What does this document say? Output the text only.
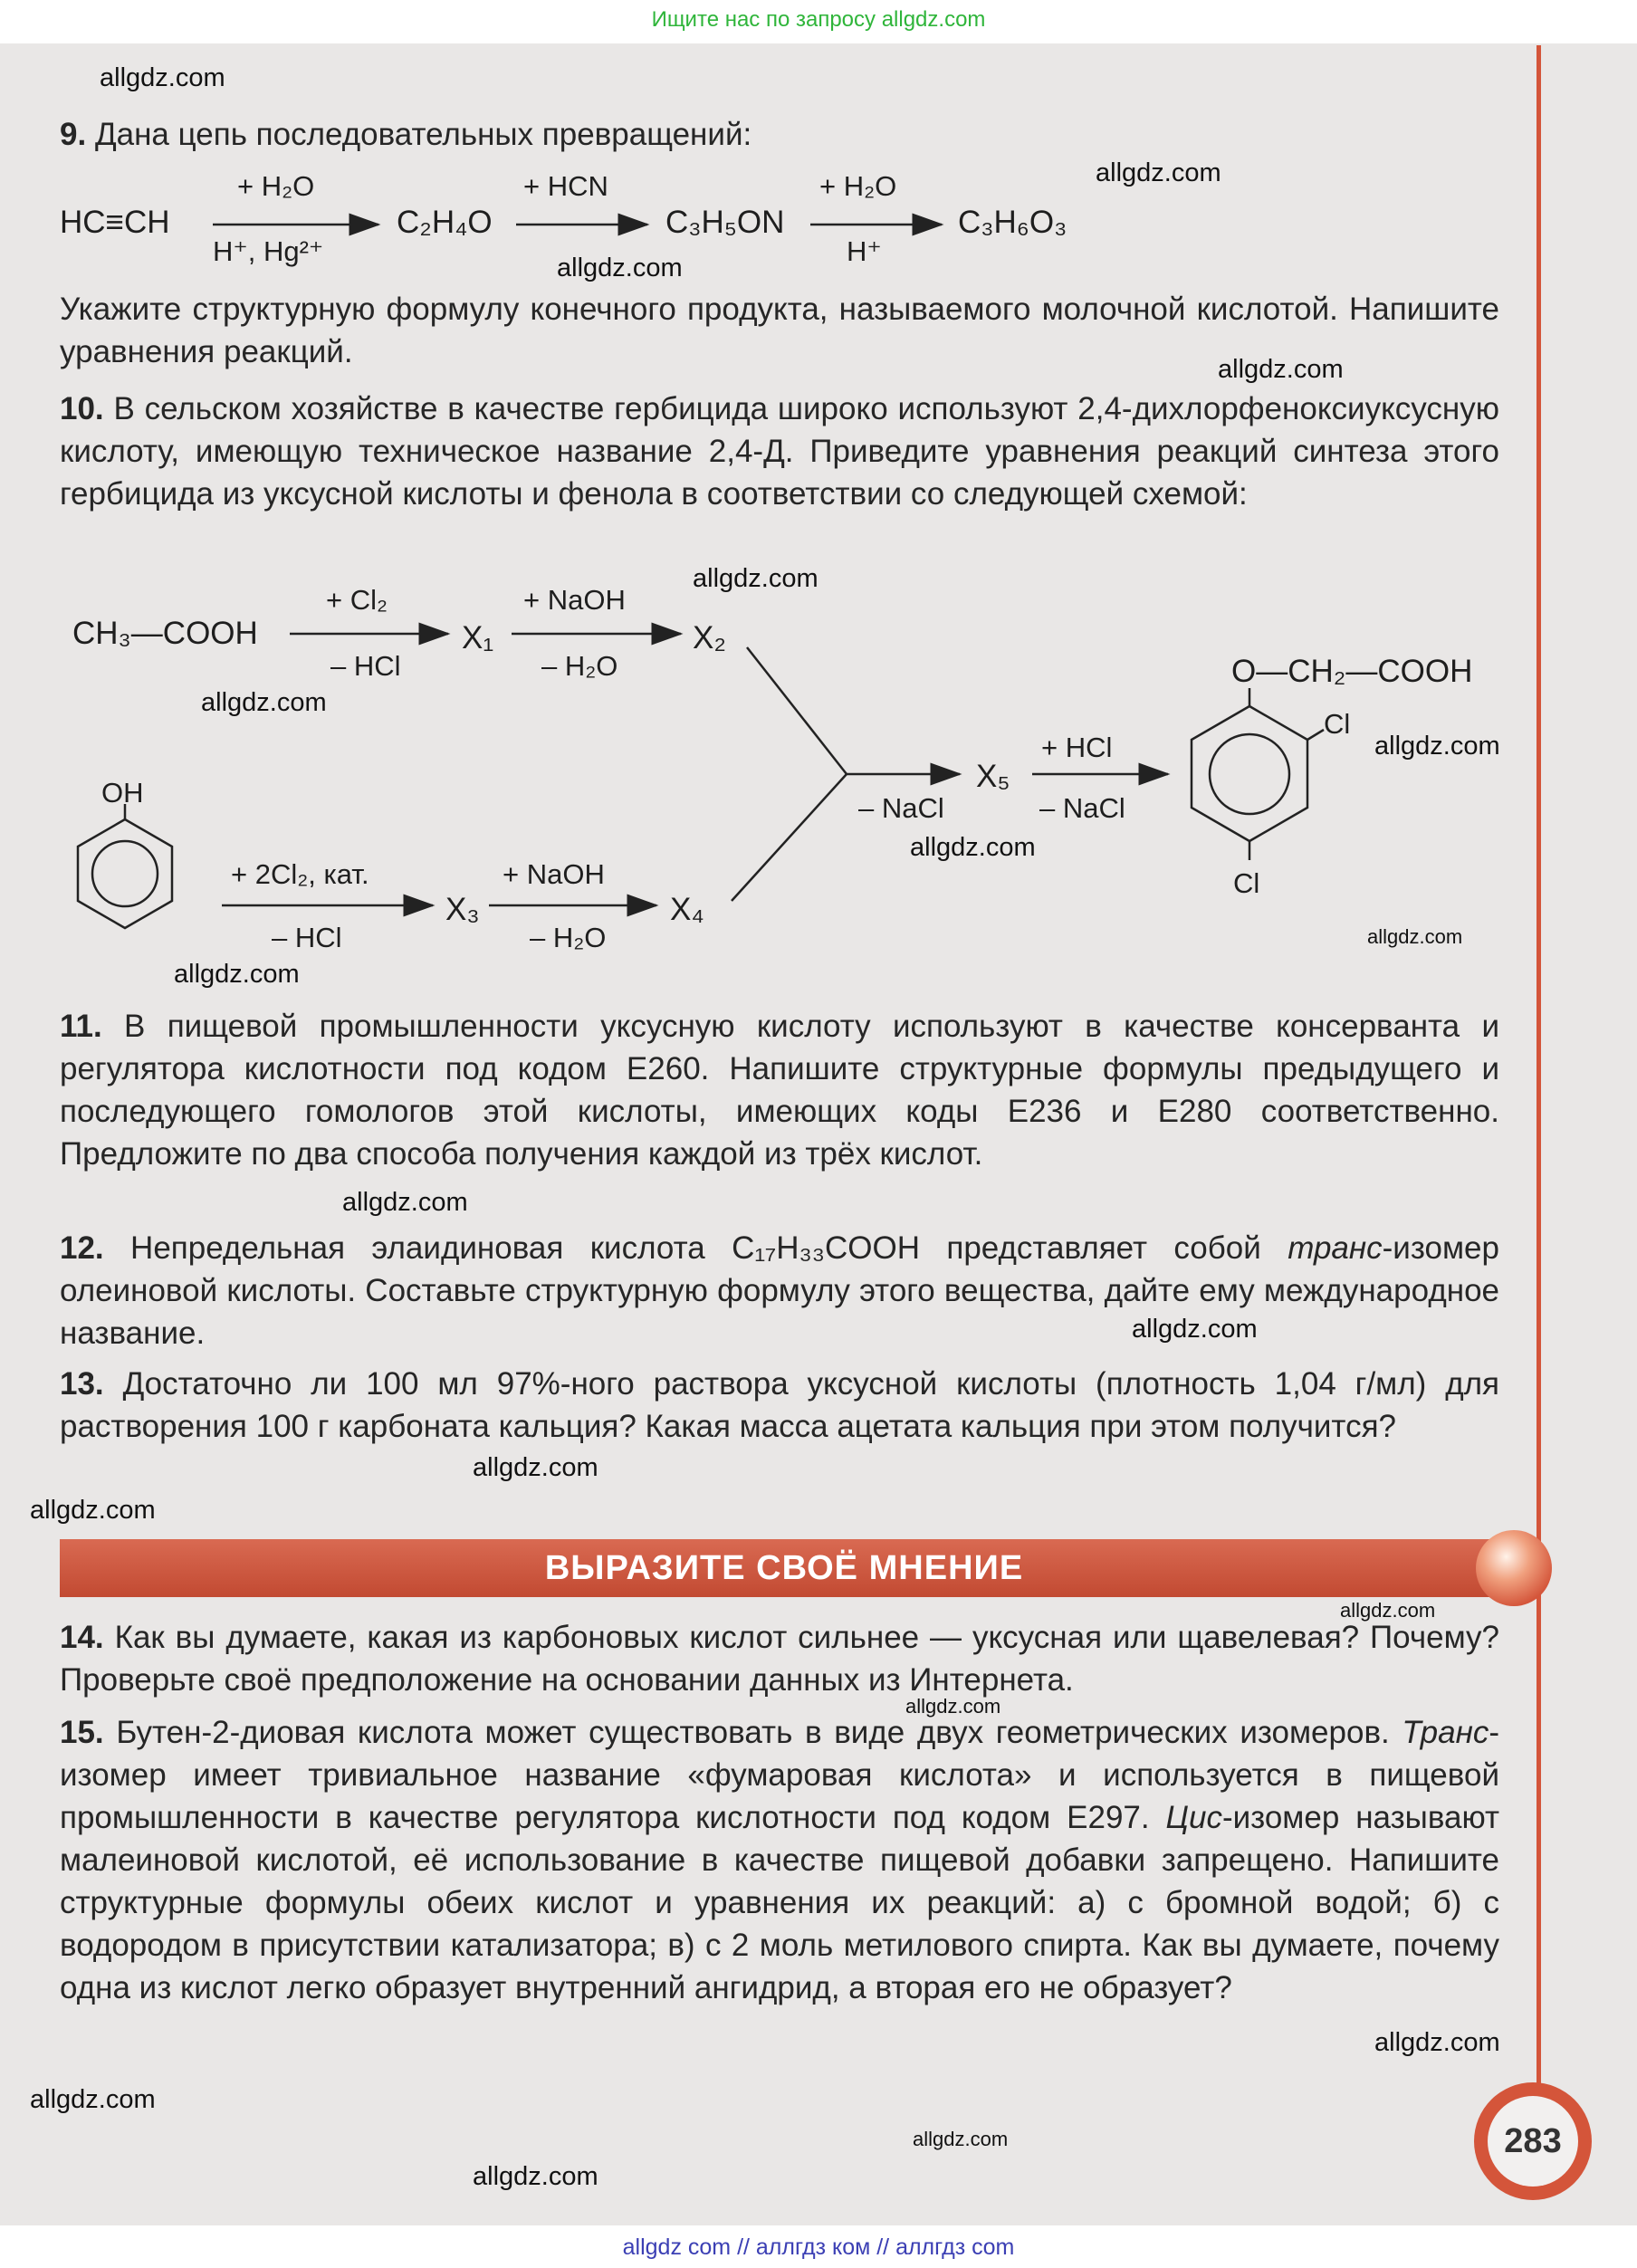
Ищите нас по запросу allgdz.com
9. Дана цепь последовательных превращений:
HC≡CH
+ H₂O
H⁺, Hg²⁺
C₂H₄O
+ HCN
C₃H₅ON
+ H₂O
H⁺
C₃H₆O₃
Укажите структурную формулу конечного продукта, называемого молочной кислотой. Напишите уравнения реакций.
10. В сельском хозяйстве в качестве гербицида широко используют 2,4-дихлорфеноксиуксусную кислоту, имеющую техническое название 2,4-Д. Приведите уравнения реакций синтеза этого гербицида из уксусной кислоты и фенола в соответствии со следующей схемой:
CH₃—COOH
+ Cl₂
– HCl
X₁
+ NaOH
– H₂O
X₂
OH
+ 2Cl₂, кат.
– HCl
X₃
+ NaOH
– H₂O
X₄
– NaCl
X₅
+ HCl
– NaCl
O—CH₂—COOH
Cl
Cl
11. В пищевой промышленности уксусную кислоту используют в качестве консерванта и регулятора кислотности под кодом Е260. Напишите структурные формулы предыдущего и последующего гомологов этой кислоты, имеющих коды Е236 и Е280 соответственно. Предложите по два способа получения каждой из трёх кислот.
12. Непредельная элаидиновая кислота C₁₇H₃₃COOH представляет собой транс-изомер олеиновой кислоты. Составьте структурную формулу этого вещества, дайте ему международное название.
13. Достаточно ли 100 мл 97%-ного раствора уксусной кислоты (плотность 1,04 г/мл) для растворения 100 г карбоната кальция? Какая масса ацетата кальция при этом получится?
ВЫРАЗИТЕ СВОЁ МНЕНИЕ
14. Как вы думаете, какая из карбоновых кислот сильнее — уксусная или щавелевая? Почему? Проверьте своё предположение на основании данных из Интернета.
15. Бутен-2-диовая кислота может существовать в виде двух геометрических изомеров. Транс-изомер имеет тривиальное название «фумаровая кислота» и используется в пищевой промышленности в качестве регулятора кислотности под кодом Е297. Цис-изомер называют малеиновой кислотой, её использование в качестве пищевой добавки запрещено. Напишите структурные формулы обеих кислот и уравнения их реакций: а) с бромной водой; б) с водородом в присутствии катализатора; в) с 2 моль метилового спирта. Как вы думаете, почему одна из кислот легко образует внутренний ангидрид, а вторая его не образует?
283
allgdz.com
allgdz.com
allgdz.com
allgdz.com
allgdz.com
allgdz.com
allgdz.com
allgdz.com
allgdz.com
allgdz.com
allgdz.com
allgdz.com
allgdz.com
allgdz.com
allgdz.com
allgdz.com
allgdz.com
allgdz.com
allgdz.com
allgdz.com
allgdz com // аллгдз ком // аллгдз com
